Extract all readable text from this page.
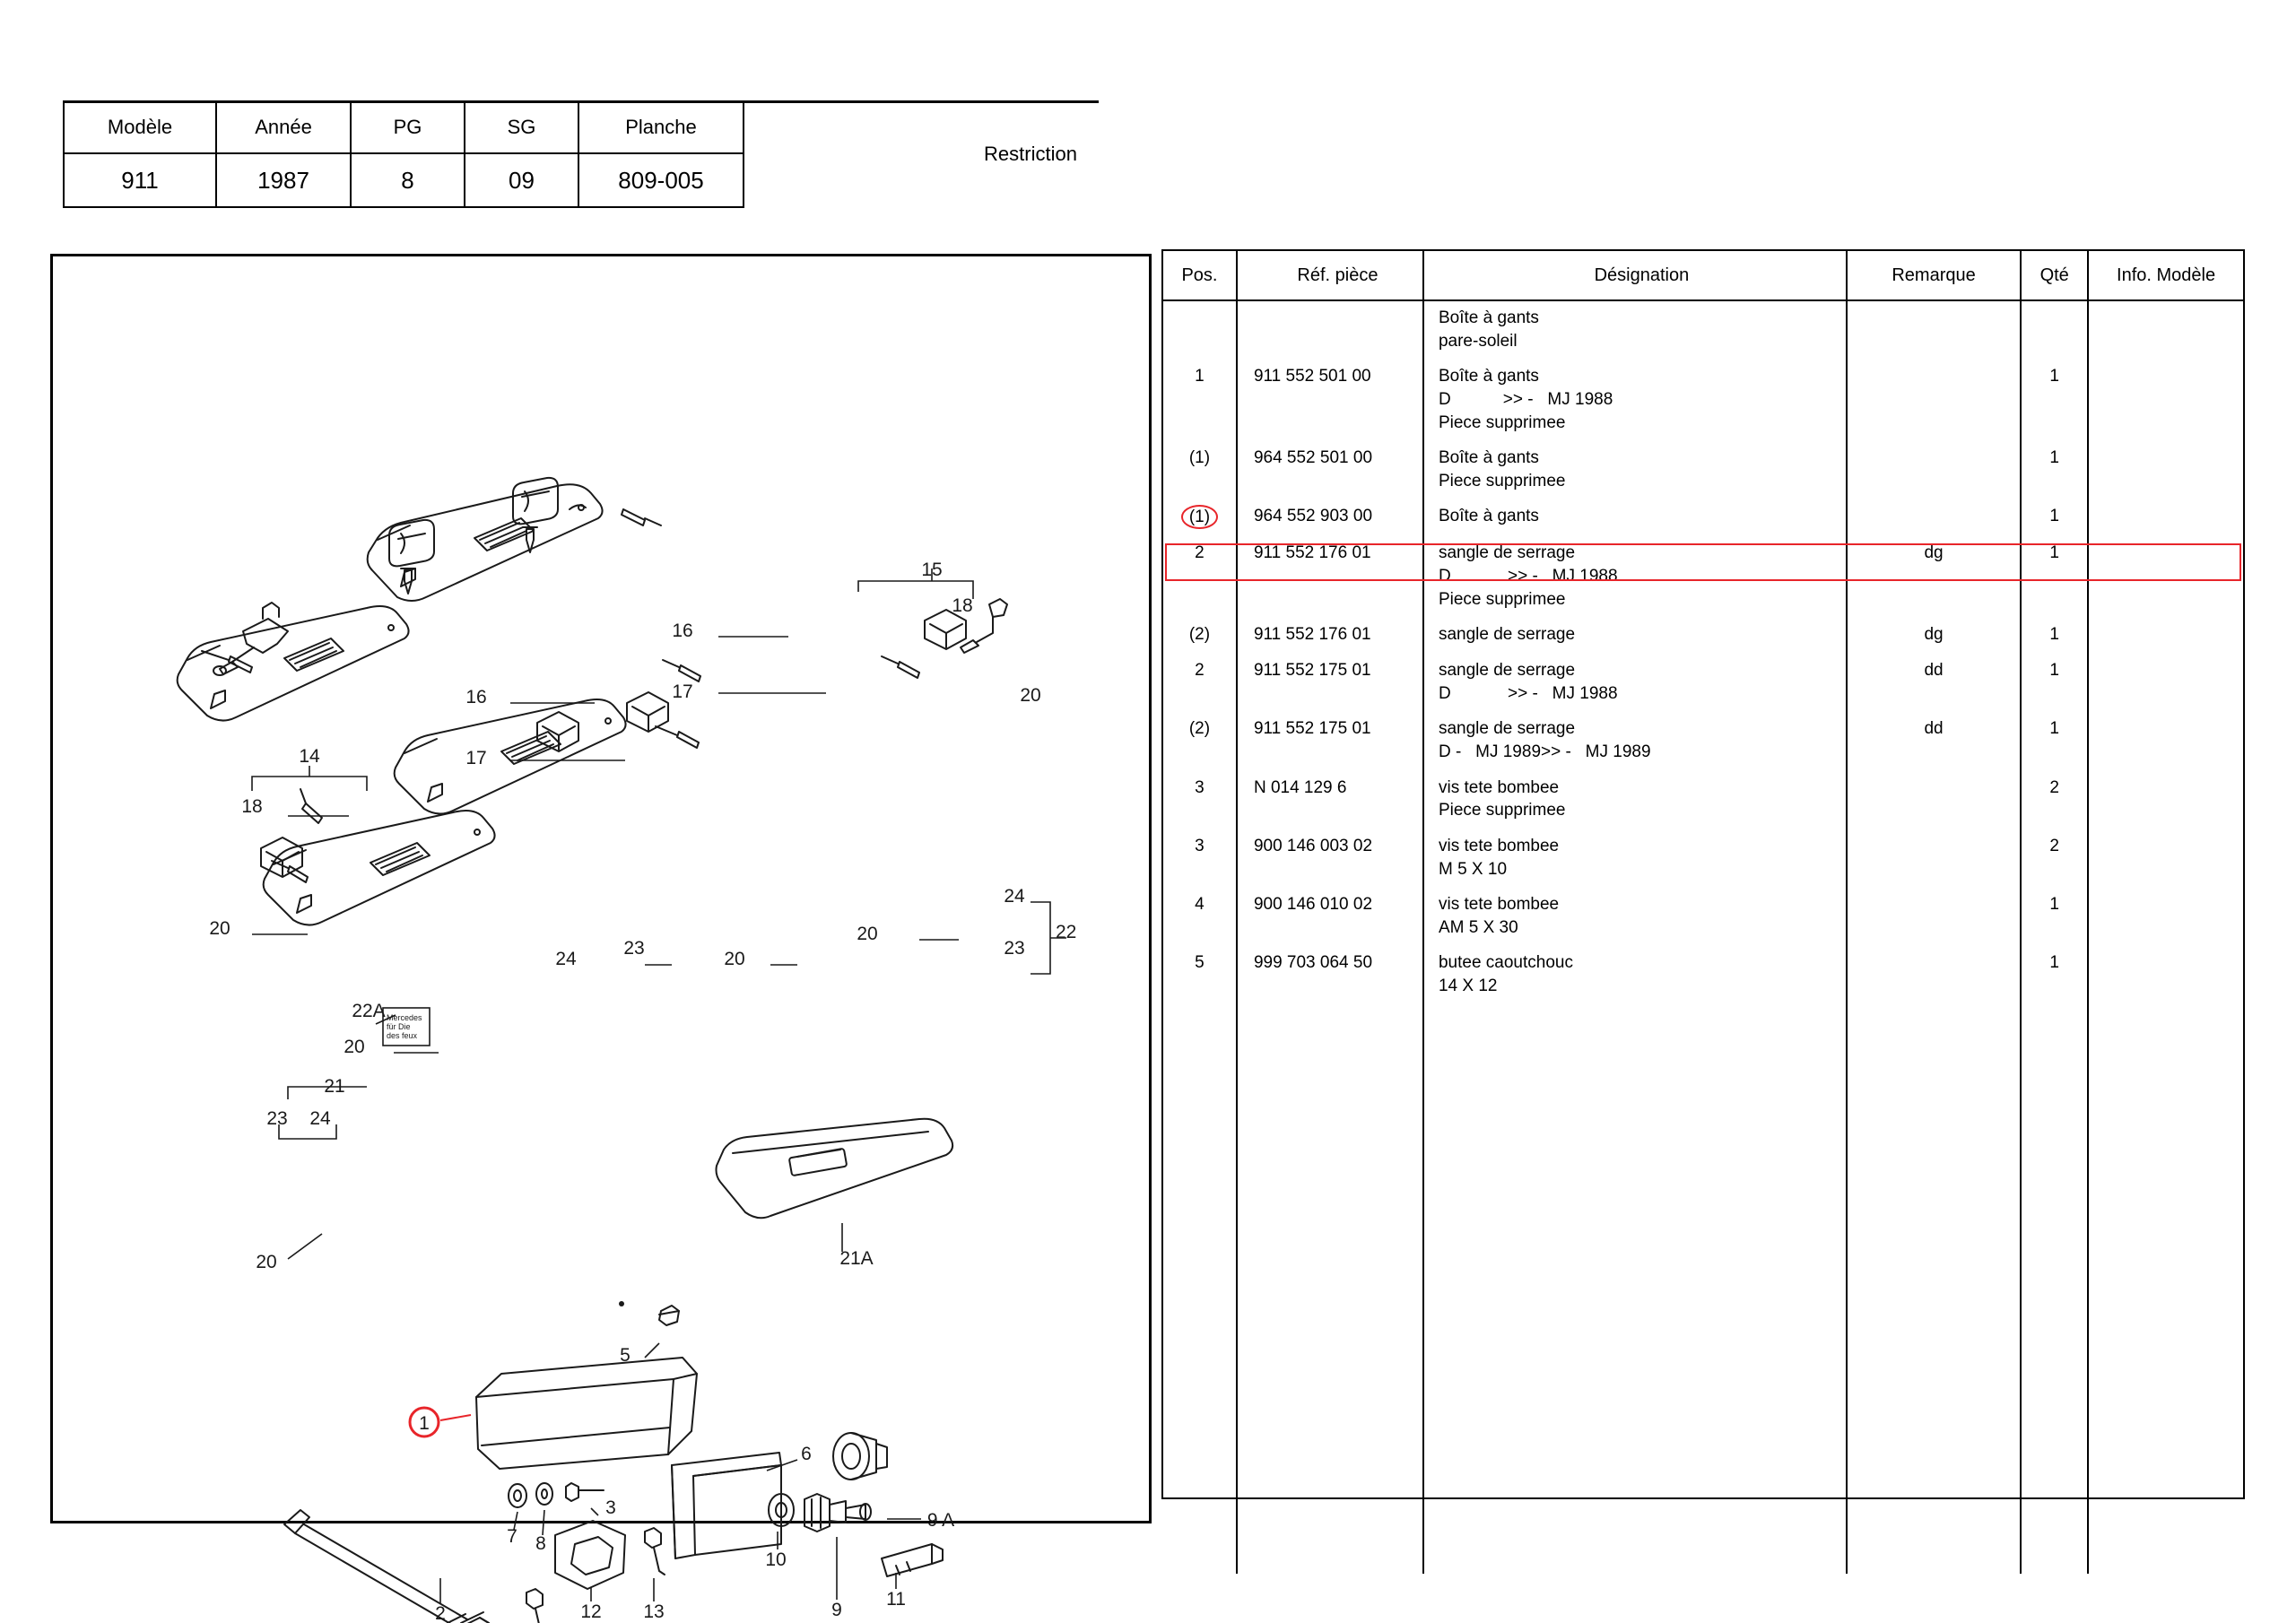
Modèle	Année	PG	SG	Planche	Restriction
911	1987	8	09	809-005	
Mercedes
für Die
des feux
15
18
16
17	20
16
17
14
18
20
24
22
23
20
24
23
20
22A
20
21
23 24
20	21A
5
1
6
3
9 A
7 8
10
11
2	12 13	9
Pos.	Réf. pièce	Désignation	Remarque	Qté	Info. Modèle

		Boîte à gants
pare-soleil			

1	911 552 501 00	Boîte à gants
D           >> -   MJ 1988
Piece supprimee		1	
(1)	964 552 501 00	Boîte à gants
Piece supprimee		1	
(1)	964 552 903 00	Boîte à gants		1	
2	911 552 176 01	sangle de serrage
D            >> -   MJ 1988
Piece supprimee	dg	1	
(2)	911 552 176 01	sangle de serrage	dg	1	
2	911 552 175 01	sangle de serrage
D            >> -   MJ 1988	dd	1	
(2)	911 552 175 01	sangle de serrage
D -   MJ 1989>> -   MJ 1989	dd	1	
3	N 014 129 6	vis tete bombee
Piece supprimee		2	
3	900 146 003 02	vis tete bombee
M 5 X 10		2	
4	900 146 010 02	vis tete bombee
AM 5 X 30		1	
5	999 703 064 50	butee caoutchouc
14 X 12		1	
